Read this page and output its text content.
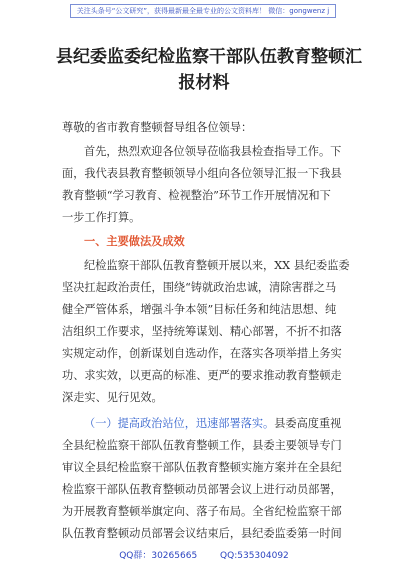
关注头条号“公文研究”，获得最新最全最专业的公文资料库！ 微信：gongwenz j
县纪委监委纪检监察干部队伍教育整顿汇
报材料
尊敬的省市教育整顿督导组各位领导：
首先，热烈欢迎各位领导莅临我县检查指导工作。下
面，我代表县教育整顿领导小组向各位领导汇报一下我县
教育整顿“学习教育、检视整治”环节工作开展情况和下
一步工作打算。
一、主要做法及成效
纪检监察干部队伍教育整顿开展以来，XX 县纪委监委
坚决扛起政治责任，围绕“铸就政治忠诚，清除害群之马
健全严管体系，增强斗争本领”目标任务和纯洁思想、纯
洁组织工作要求，坚持统筹谋划、精心部署，不折不扣落
实规定动作，创新谋划自选动作，在落实各项举措上务实
功、求实效，以更高的标准、更严的要求推动教育整顿走
深走实、见行见效。
（一）提高政治站位，迅速部署落实。县委高度重视
全县纪检监察干部队伍教育整顿工作，县委主要领导专门
审议全县纪检监察干部队伍教育整顿实施方案并在全县纪
检监察干部队伍教育整顿动员部署会议上进行动员部署，
为开展教育整顿举旗定向、落子布局。全省纪检监察干部
队伍教育整顿动员部署会议结束后，县纪委监委第一时间
QQ群：30265665	QQ:535304092
